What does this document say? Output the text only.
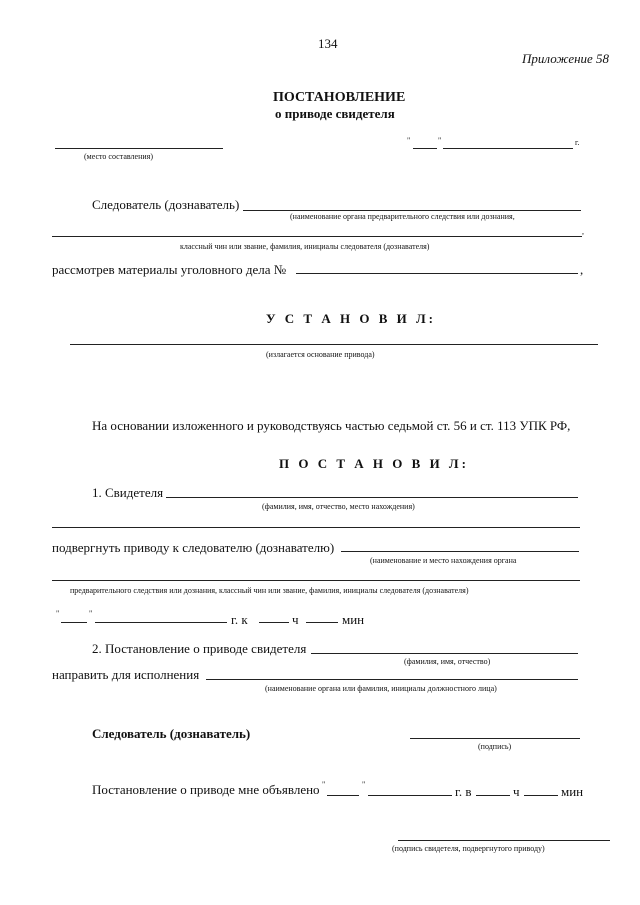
134
Приложение 58
ПОСТАНОВЛЕНИЕ
о приводе свидетеля
(место составления)
"	"	г.
Следователь (дознаватель)
(наименование органа предварительного следствия или дознания,
,
классный чин или звание, фамилия, инициалы следователя (дознавателя)
рассмотрев материалы уголовного дела №	,
У С Т А Н О В И Л:
(излагается основание привода)
На основании изложенного и руководствуясь частью седьмой ст. 56 и ст. 113 УПК РФ,
П О С Т А Н О В И Л:
1. Свидетеля
(фамилия, имя, отчество, место нахождения)
подвергнуть приводу к следователю (дознавателю)
(наименование и место нахождения органа
предварительного следствия или дознания, классный чин или звание, фамилия, инициалы следователя (дознавателя)
"	"	г. к	ч	мин
2. Постановление о приводе свидетеля
(фамилия, имя, отчество)
направить для исполнения
(наименование органа или фамилия, инициалы должностного лица)
Следователь (дознаватель)
(подпись)
Постановление о приводе мне объявлено "	"	г. в	ч	мин
(подпись свидетеля, подвергнутого приводу)
